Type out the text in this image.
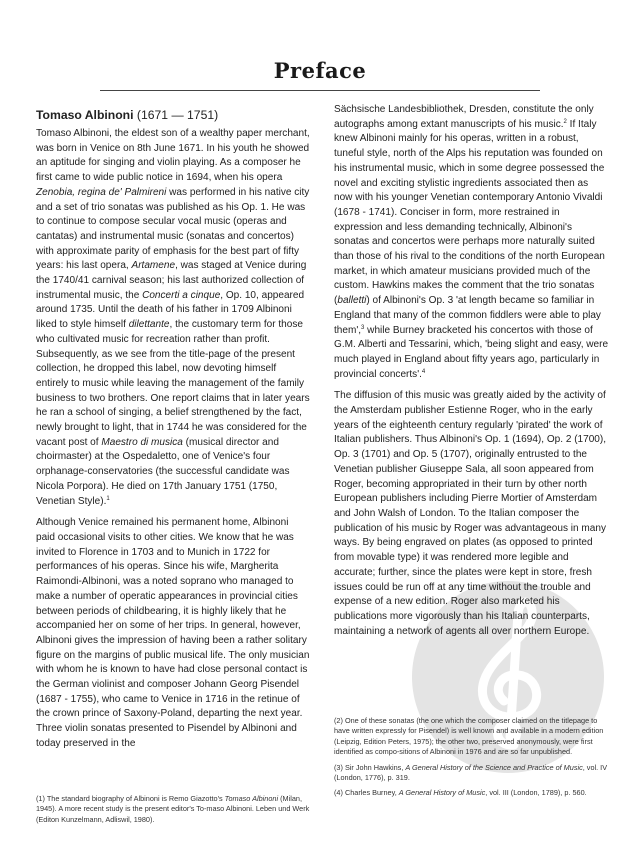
Preface
Tomaso Albinoni (1671 — 1751)

Tomaso Albinoni, the eldest son of a wealthy paper merchant, was born in Venice on 8th June 1671. In his youth he showed an aptitude for singing and violin playing. As a composer he first came to wide public notice in 1694, when his opera Zenobia, regina de' Palmireni was performed in his native city and a set of trio sonatas was published as his Op. 1. He was to continue to compose secular vocal music (operas and cantatas) and instrumental music (sonatas and concertos) with approximate parity of emphasis for the best part of fifty years: his last opera, Artamene, was staged at Venice during the 1740/41 carnival season; his last authorized collection of instrumental music, the Concerti a cinque, Op. 10, appeared around 1735. Until the death of his father in 1709 Albinoni liked to style himself dilettante, the customary term for those who cultivated music for recreation rather than profit. Subsequently, as we see from the title-page of the present collection, he dropped this label, now devoting himself entirely to music while leaving the management of the family business to two brothers. One report claims that in later years he ran a school of singing, a belief strengthened by the fact, newly brought to light, that in 1744 he was considered for the vacant post of Maestro di musica (musical director and choirmaster) at the Ospedaletto, one of Venice's four orphanage-conservatories (the successful candidate was Nicola Porpora). He died on 17th January 1751 (1750, Venetian Style).$^1$

Although Venice remained his permanent home, Albinoni paid occasional visits to other cities. We know that he was invited to Florence in 1703 and to Munich in 1722 for performances of his operas. Since his wife, Margherita Raimondi-Albinoni, was a noted soprano who managed to make a number of operatic appearances in provincial cities between periods of childbearing, it is highly likely that he accompanied her on some of her trips. In general, however, Albinoni gives the impression of having been a rather solitary figure on the margins of public musical life. The only musician with whom he is known to have had close personal contact is the German violinist and composer Johann Georg Pisendel (1687 - 1755), who came to Venice in 1716 in the retinue of the crown prince of Saxony-Poland, departing the next year. Three violin sonatas presented to Pisendel by Albinoni and today preserved in the

Sächsische Landesbibliothek, Dresden, constitute the only autographs among extant manuscripts of his music.$^2$ If Italy knew Albinoni mainly for his operas, written in a robust, tuneful style, north of the Alps his reputation was founded on his instrumental music, which in some degree possessed the novel and exciting stylistic ingredients associated then as now with his younger Venetian contemporary Antonio Vivaldi (1678 - 1741). Conciser in form, more restrained in expression and less demanding technically, Albinoni's sonatas and concertos were perhaps more naturally suited than those of his rival to the conditions of the north European market, in which amateur musicians provided much of the custom. Hawkins makes the comment that the trio sonatas (balletti) of Albinoni's Op. 3 'at length became so familiar in England that many of the common fiddlers were able to play them',$^3$ while Burney bracketed his concertos with those of G.M. Alberti and Tessarini, which, 'being slight and easy, were much played in England about fifty years ago, particularly in provincial concerts'.$^4$

The diffusion of this music was greatly aided by the activity of the Amsterdam publisher Estienne Roger, who in the early years of the eighteenth century regularly 'pirated' the work of Italian publishers. Thus Albinoni's Op. 1 (1694), Op. 2 (1700), Op. 3 (1701) and Op. 5 (1707), originally entrusted to the Venetian publisher Giuseppe Sala, all soon appeared from Roger, becoming appropriated in their turn by other north European publishers including Pierre Mortier of Amsterdam and John Walsh of London. To the Italian composer the publication of his music by Roger was advantageous in many ways. By being engraved on plates (as opposed to printed from movable type) it was rendered more legible and accurate; further, since the plates were kept in store, fresh issues could be run off at any time without the trouble and expense of a new edition. Roger also marketed his publications more vigorously than his Italian counterparts, maintaining a network of agents all over northern Europe.

(2) One of these sonatas (the one which the composer claimed on the titlepage to have written expressly for Pisendel) is well known and available in a modern edition (Leipzig, Edition Peters, 1975); the other two, preserved anonymously, were first identified as compo-sitions of Albinoni in 1976 and are so far unpublished.

(3) Sir John Hawkins, A General History of the Science and Practice of Music, vol. IV (London, 1776), p. 319.

(4) Charles Burney, A General History of Music, vol. III (London, 1789), p. 560.

(1) The standard biography of Albinoni is Remo Giazotto's Tomaso Albinoni (Milan, 1945). A more recent study is the present editor's To-maso Albinoni. Leben und Werk (Editon Kunzelmann, Adliswil, 1980).
